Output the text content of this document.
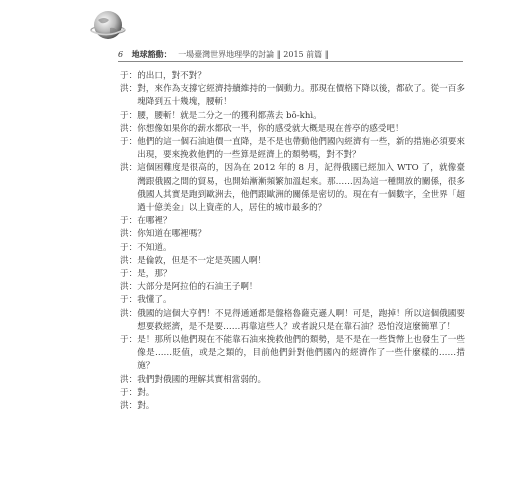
6 地球豁動： 一場臺灣世界地理學的討論 ‖ 2015 前篇 ‖
于： 的出口，對不對？
洪： 對，來作為支撐它經濟持續維持的一個動力。那現在價格下降以後，都砍了。從一百多塊降到五十幾塊，腰斬！
于： 腰，腰斬！就是二分之一的獲利都蒸去 bō-khì。
洪： 你想像如果你的薪水都砍一半，你的感受就大概是現在普亭的感受吧！
于： 他們的這一個石油迪價一直降，是不是也帶動他們國內經濟有一些，新的措施必須要來出現，要來挽救他們的一些算是經濟上的頹勢嗎，對不對？
洪： 這個困難度是很高的，因為在 2012 年的 8 月，記得俄國已經加入 WTO 了，就像臺灣跟俄國之間的貿易，也開始漸漸頻繁加溫起來。那……因為這一種開放的關係，很多俄國人其實是跑到歐洲去，他們跟歐洲的關係是密切的。現在有一個數字，全世界「超過十億美金」以上資產的人，居住的城市最多的？
于： 在哪裡？
洪： 你知道在哪裡嗎？
于： 不知道。
洪： 是倫敦，但是不一定是英國人啊！
于： 是，那？
洪： 大部分是阿拉伯的石油王子啊！
于： 我懂了。
洪： 俄國的這個大亨們！不見得通通都是盤格魯薩克遜人啊！可是，跑掉！所以這個俄國要想要救經濟，是不是要……再靠這些人？或者說只是在靠石油？恐怕沒這麼簡單了！
于： 是！那所以他們現在不能靠石油來挽救他們的頹勢，是不是在一些貨幣上也發生了一些像是……貶值，或是之類的，目前他們針對他們國內的經濟作了一些什麼樣的……措施？
洪： 我們對俄國的理解其實相當弱的。
于： 對。
洪： 對。
